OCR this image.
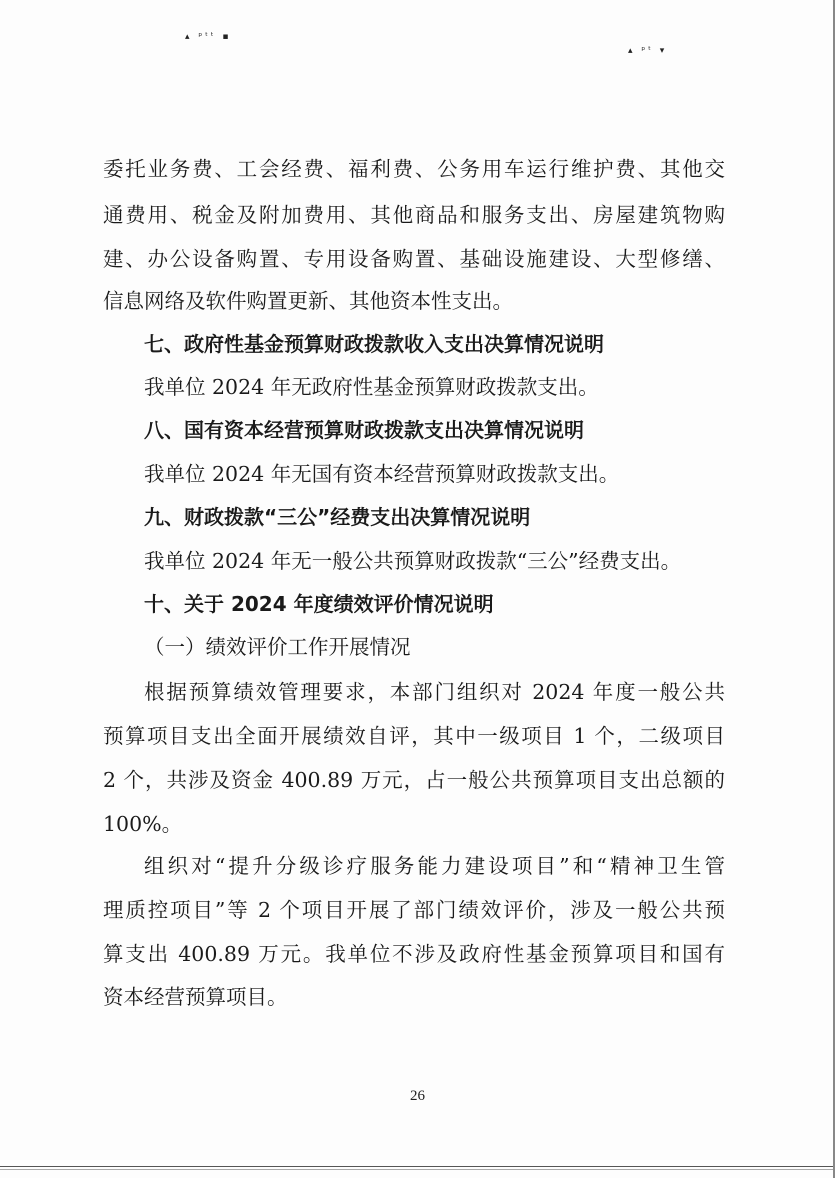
▴ ᵖᵗᵗ ▪
▴ ᵖᵗ ▾
委托业务费、工会经费、福利费、公务用车运行维护费、其他交
通费用、税金及附加费用、其他商品和服务支出、房屋建筑物购
建、办公设备购置、专用设备购置、基础设施建设、大型修缮、
信息网络及软件购置更新、其他资本性支出。
七、政府性基金预算财政拨款收入支出决算情况说明
我单位 2024 年无政府性基金预算财政拨款支出。
八、国有资本经营预算财政拨款支出决算情况说明
我单位 2024 年无国有资本经营预算财政拨款支出。
九、财政拨款“三公”经费支出决算情况说明
我单位 2024 年无一般公共预算财政拨款“三公”经费支出。
十、关于 2024 年度绩效评价情况说明
（一）绩效评价工作开展情况
根据预算绩效管理要求，本部门组织对 2024 年度一般公共
预算项目支出全面开展绩效自评，其中一级项目 1 个，二级项目
2 个，共涉及资金 400.89 万元，占一般公共预算项目支出总额的
100%。
组织对“提升分级诊疗服务能力建设项目”和“精神卫生管
理质控项目”等 2 个项目开展了部门绩效评价，涉及一般公共预
算支出 400.89 万元。我单位不涉及政府性基金预算项目和国有
资本经营预算项目。
26
